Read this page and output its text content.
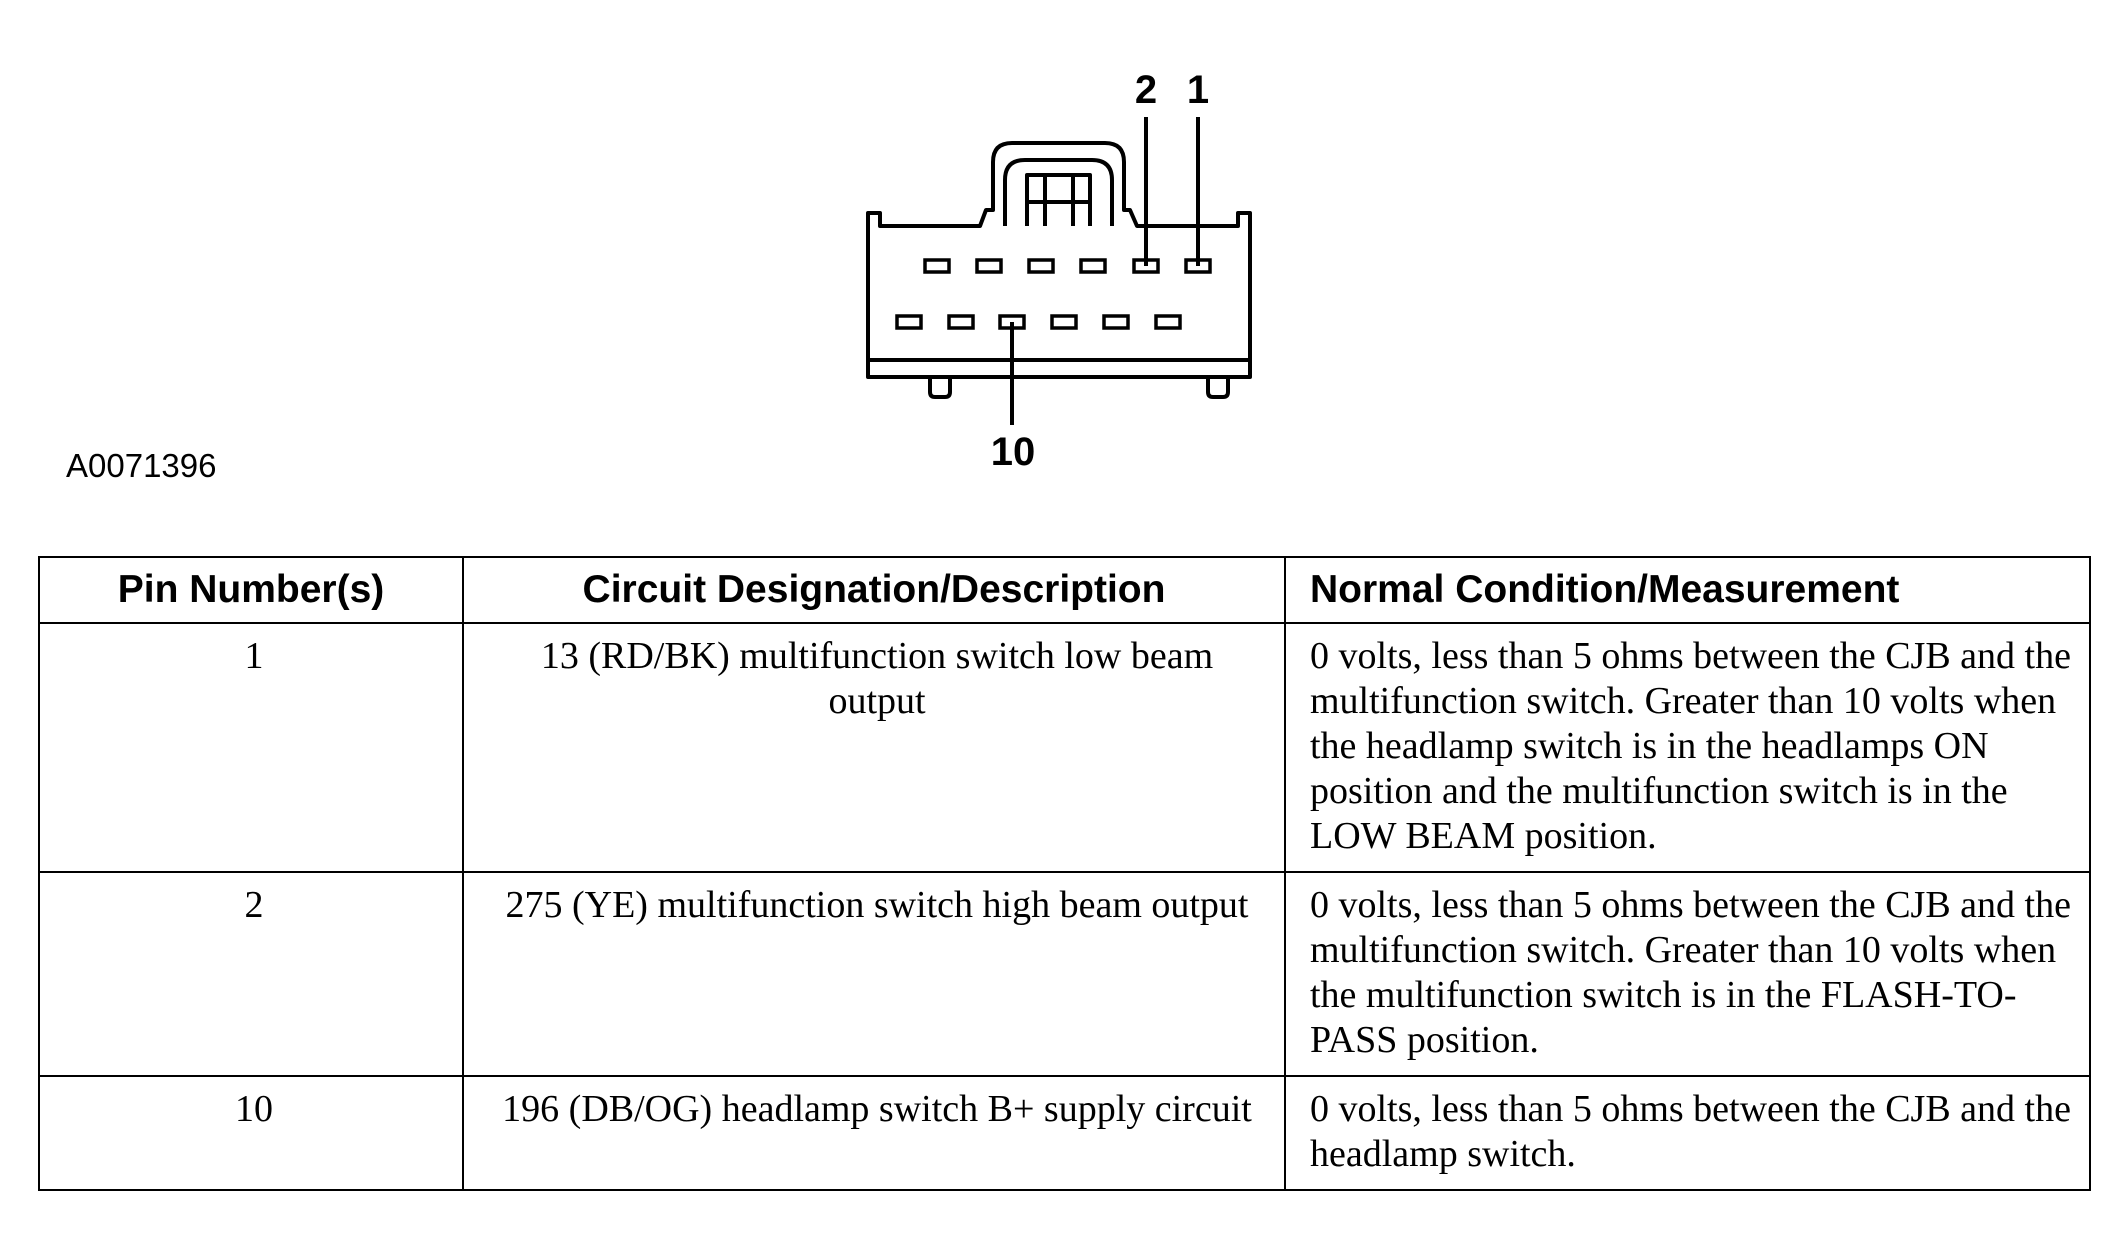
2 1
10
A0071396
Pin Number(s)	Circuit Designation/Description	Normal Condition/Measurement
1	13 (RD/BK) multifunction switch low beam output	0 volts, less than 5 ohms between the CJB and the multifunction switch. Greater than 10 volts when the headlamp switch is in the headlamps ON position and the multifunction switch is in the LOW BEAM position.
2	275 (YE) multifunction switch high beam output	0 volts, less than 5 ohms between the CJB and the multifunction switch. Greater than 10 volts when the multifunction switch is in the FLASH-TO-PASS position.
10	196 (DB/OG) headlamp switch B+ supply circuit	0 volts, less than 5 ohms between the CJB and the headlamp switch.
